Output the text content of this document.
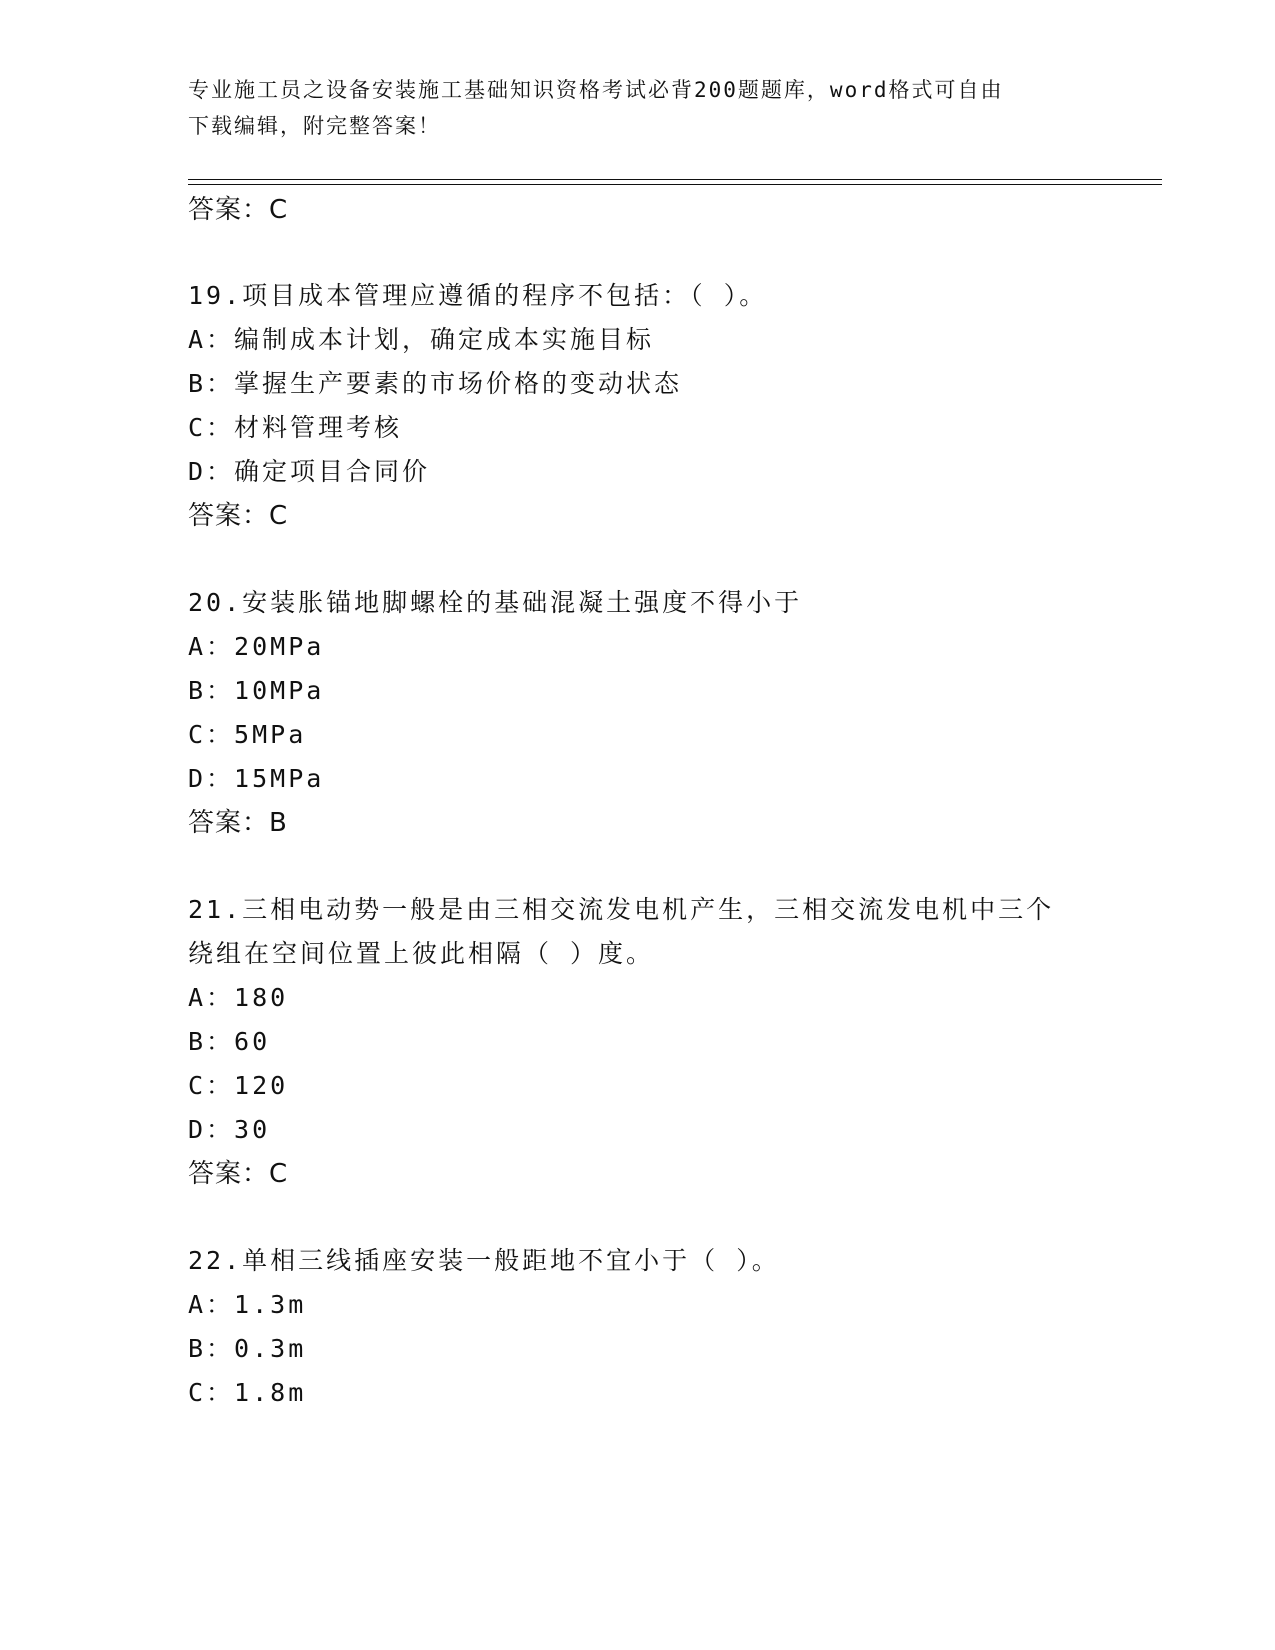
专业施工员之设备安装施工基础知识资格考试必背200题题库，word格式可自由
下载编辑，附完整答案！
答案：C
19.项目成本管理应遵循的程序不包括：（ ）。
A：编制成本计划，确定成本实施目标
B：掌握生产要素的市场价格的变动状态
C：材料管理考核
D：确定项目合同价
答案：C
20.安装胀锚地脚螺栓的基础混凝土强度不得小于
A：20MPa
B：10MPa
C：5MPa
D：15MPa
答案：B
21.三相电动势一般是由三相交流发电机产生，三相交流发电机中三个
绕组在空间位置上彼此相隔（ ）度。
A：180
B：60
C：120
D：30
答案：C
22.单相三线插座安装一般距地不宜小于（ ）。
A：1.3m
B：0.3m
C：1.8m
